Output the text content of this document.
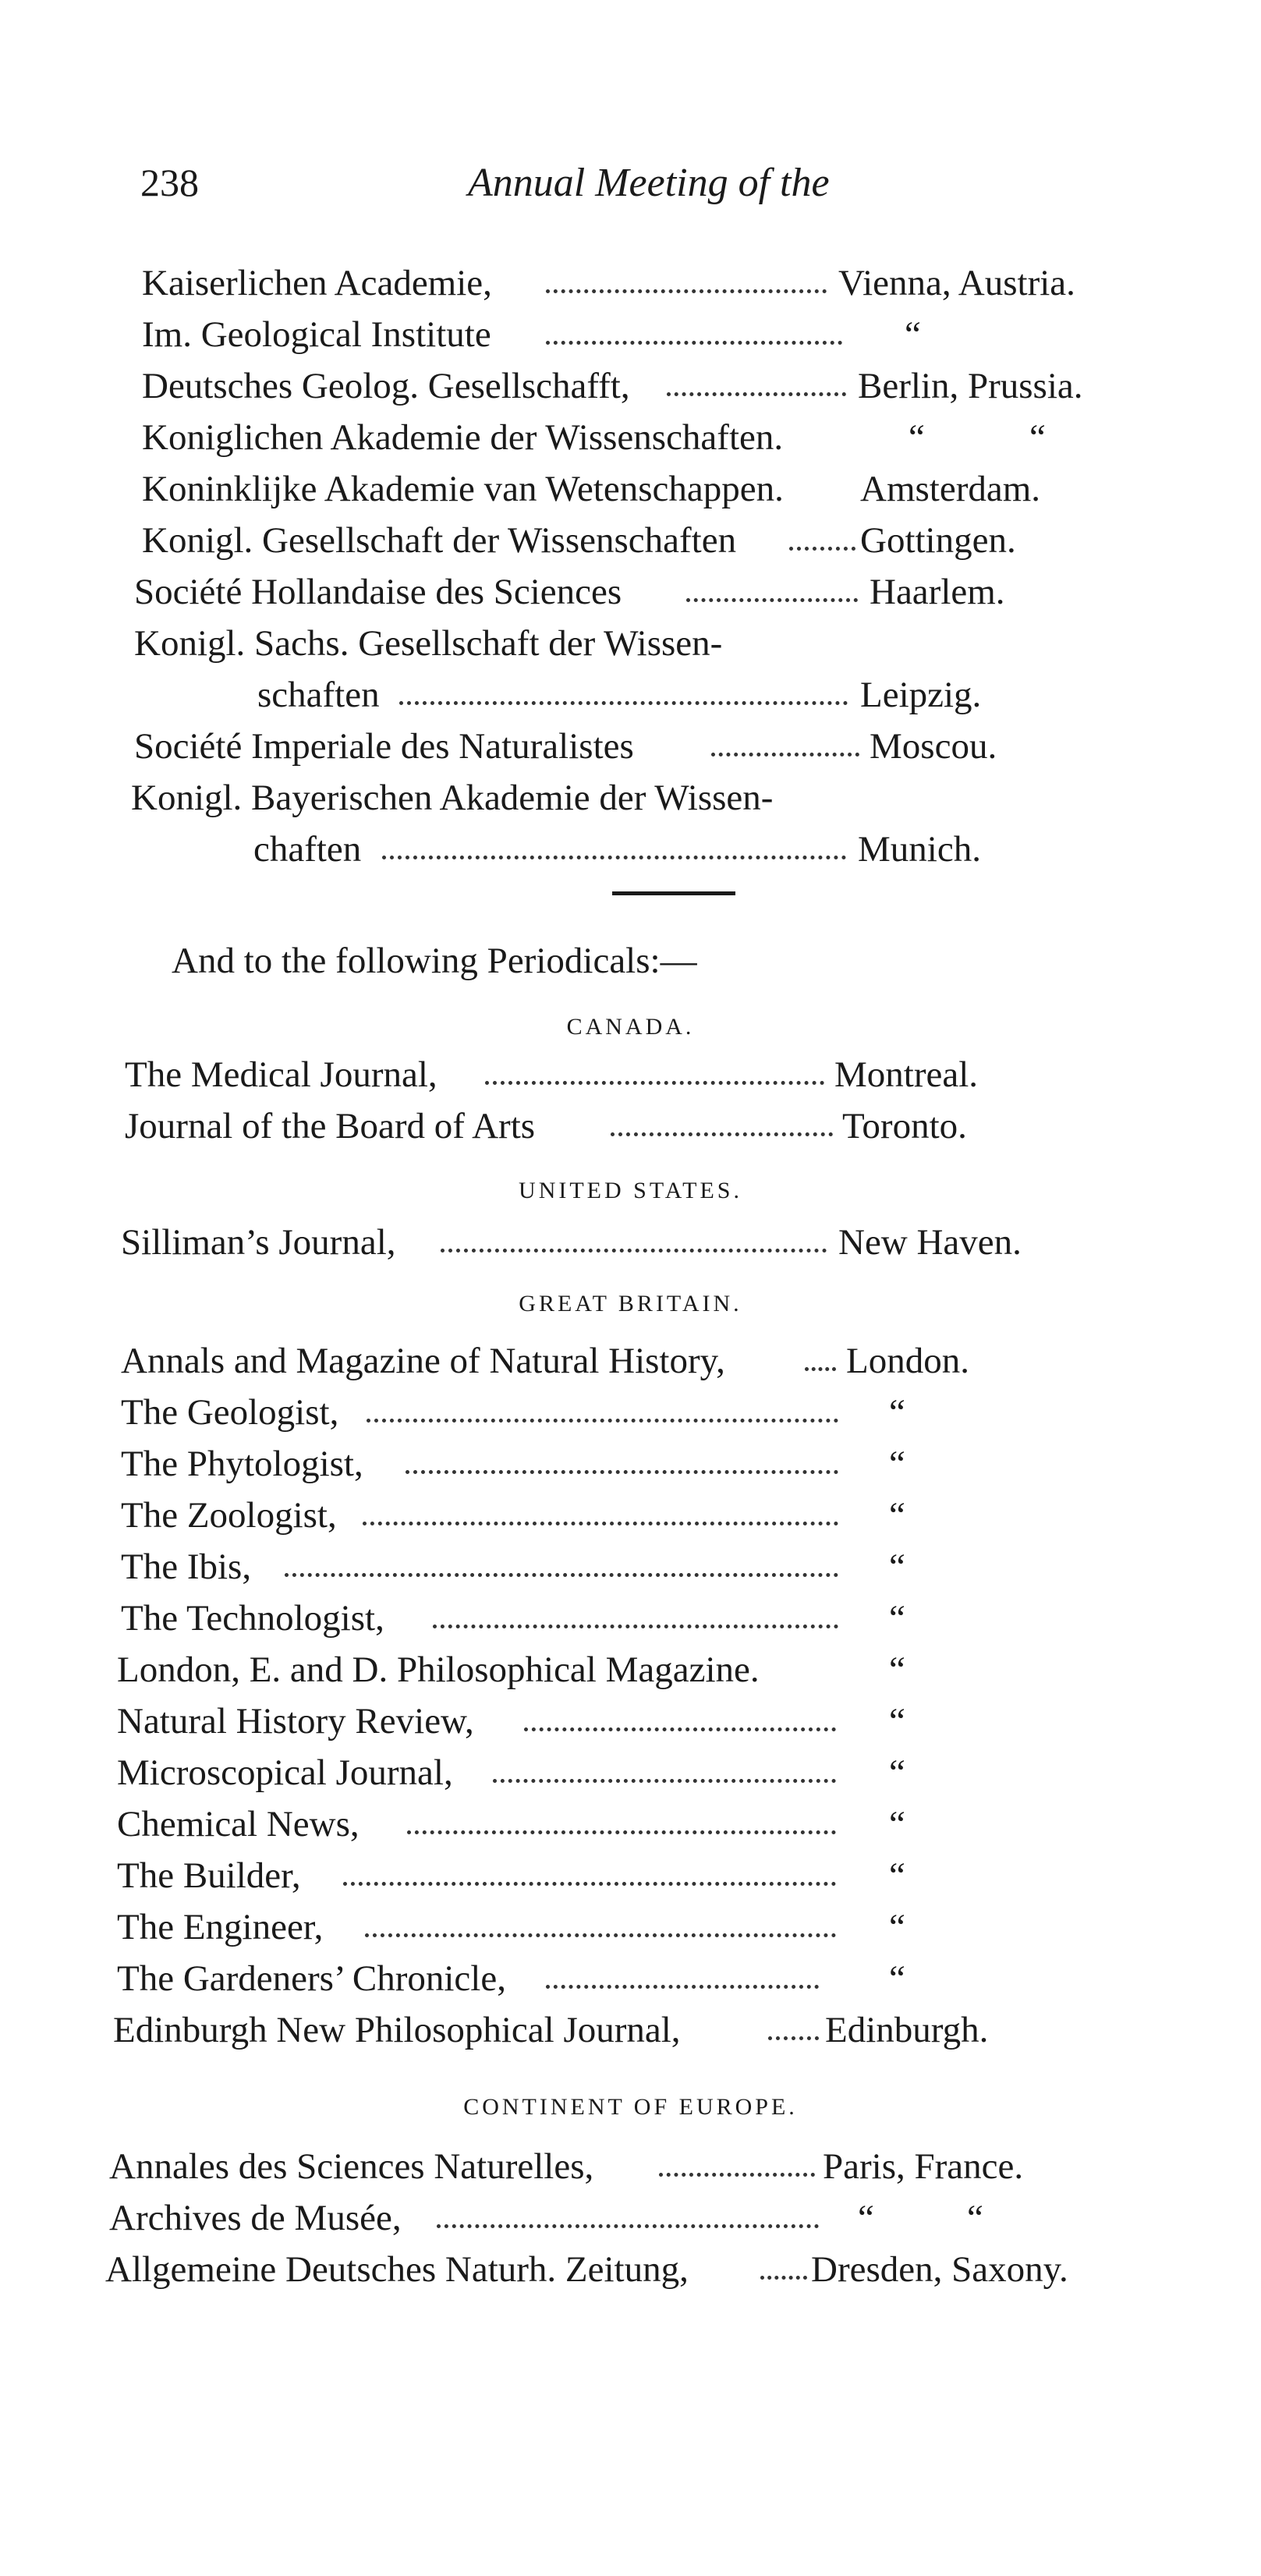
238	Annual Meeting of the
Kaiserlichen Academie,	Vienna, Austria.
Im. Geological Institute	“
Deutsches Geolog. Gesellschafft,	Berlin, Prussia.
Koniglichen Akademie der Wissenschaften.	“	“
Koninklijke Akademie van Wetenschappen. Amsterdam.
Konigl. Gesellschaft der Wissenschaften	Gottingen.
Société Hollandaise des Sciences	Haarlem.
Konigl. Sachs. Gesellschaft der Wissen-
schaften	Leipzig.
Société Imperiale des Naturalistes	Moscou.
Konigl. Bayerischen Akademie der Wissen-
chaften	Munich.
And to the following Periodicals:—
CANADA.
The Medical Journal,	Montreal.
Journal of the Board of Arts	Toronto.
UNITED STATES.
Silliman’s Journal,	New Haven.
GREAT BRITAIN.
Annals and Magazine of Natural History,	London.
The Geologist,	“
The Phytologist,	“
The Zoologist,	“
The Ibis,	“
The Technologist,	“
London, E. and D. Philosophical Magazine.	“
Natural History Review,	“
Microscopical Journal,	“
Chemical News,	“
The Builder,	“
The Engineer,	“
The Gardeners’ Chronicle,	“
Edinburgh New Philosophical Journal,	Edinburgh.
CONTINENT OF EUROPE.
Annales des Sciences Naturelles,	Paris, France.
Archives de Musée,	“	“
Allgemeine Deutsches Naturh. Zeitung,	Dresden, Saxony.
